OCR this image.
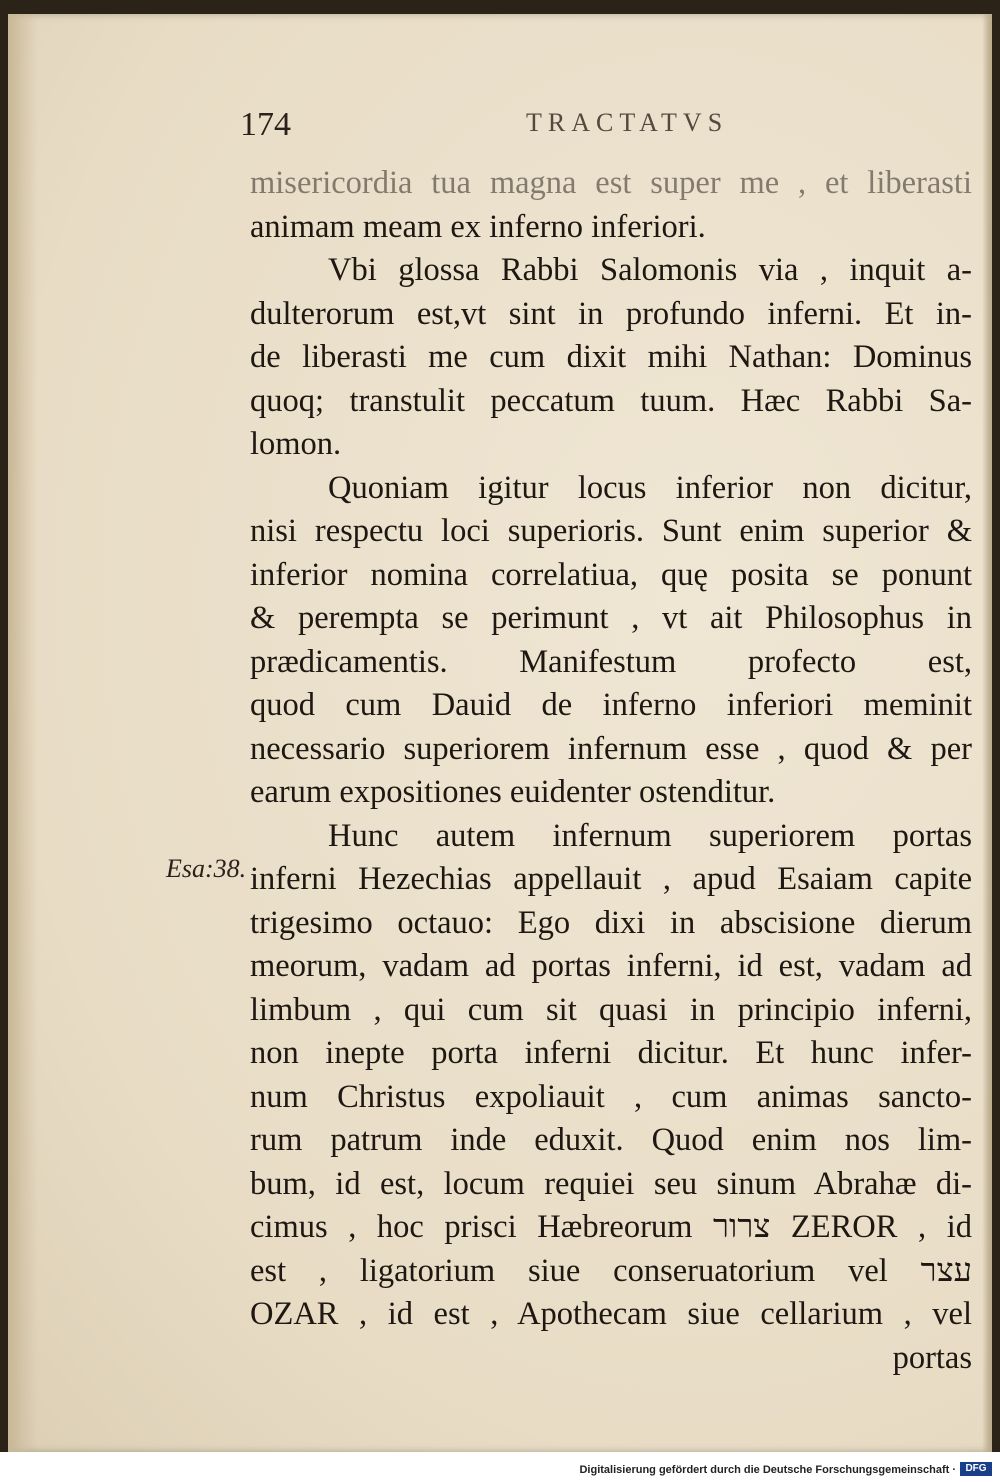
174	TRACTATVS
Esa:38.
misericordia tua magna est super me , et liberasti
animam meam ex inferno inferiori.
Vbi glossa Rabbi Salomonis via , inquit a-
dulterorum est,vt sint in profundo inferni. Et in-
de liberasti me cum dixit mihi Nathan: Dominus
quoq; transtulit peccatum tuum. Hæc Rabbi Sa-
lomon.
Quoniam igitur locus inferior non dicitur,
nisi respectu loci superioris. Sunt enim superior &
inferior nomina correlatiua, quę posita se ponunt
& perempta se perimunt , vt ait Philosophus in
prædicamentis. Manifestum profecto est,
quod cum Dauid de inferno inferiori meminit
necessario superiorem infernum esse , quod & per
earum expositiones euidenter ostenditur.
Hunc autem infernum superiorem portas
inferni Hezechias appellauit , apud Esaiam capite
trigesimo octauo: Ego dixi in abscisione dierum
meorum, vadam ad portas inferni, id est, vadam ad
limbum , qui cum sit quasi in principio inferni,
non inepte porta inferni dicitur. Et hunc infer-
num Christus expoliauit , cum animas sancto-
rum patrum inde eduxit. Quod enim nos lim-
bum, id est, locum requiei seu sinum Abrahæ di-
cimus , hoc prisci Hæbreorum צרור ZEROR , id
est , ligatorium siue conseruatorium vel עצר
OZAR , id est , Apothecam siue cellarium , vel
portas
Digitalisierung gefördert durch die Deutsche Forschungsgemeinschaft · DFG
